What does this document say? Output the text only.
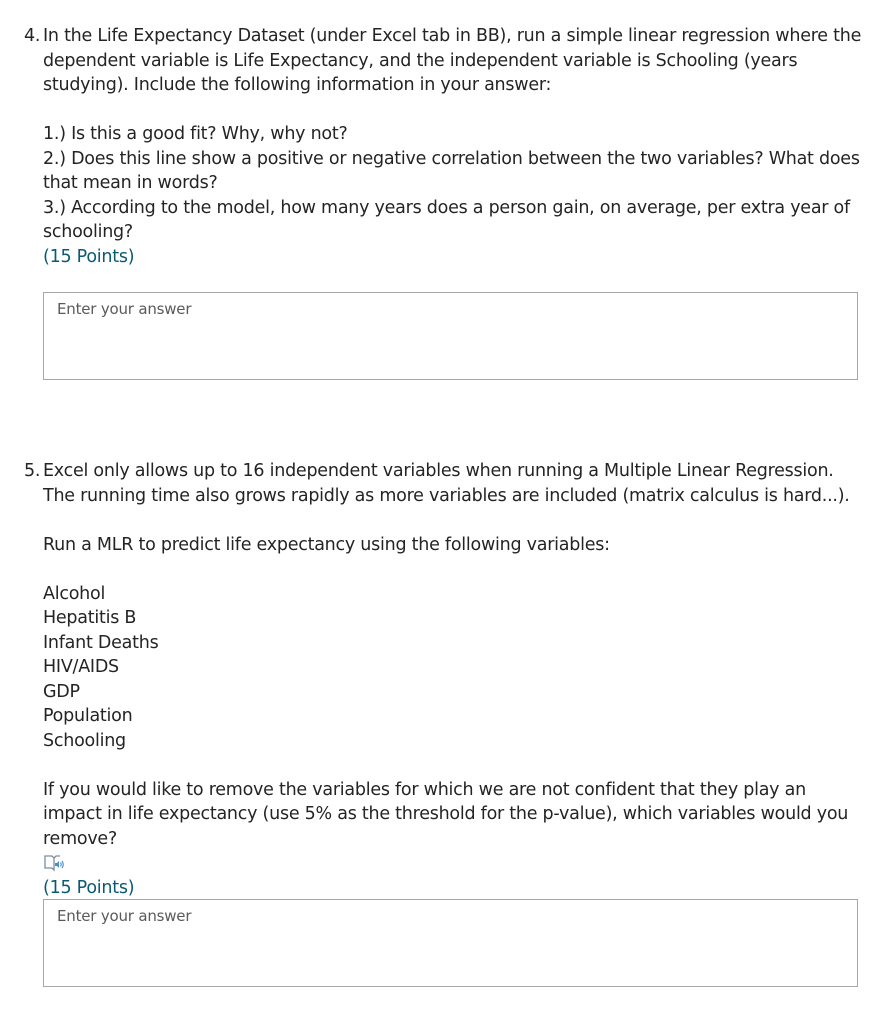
4. In the Life Expectancy Dataset (under Excel tab in BB), run a simple linear regression where the dependent variable is Life Expectancy, and the independent variable is Schooling (years studying). Include the following information in your answer:

1.) Is this a good fit? Why, why not?

2.) Does this line show a positive or negative correlation between the two variables? What does that mean in words?

3.) According to the model, how many years does a person gain, on average, per extra year of schooling?

(15 Points)

Enter your answer
5. Excel only allows up to 16 independent variables when running a Multiple Linear Regression. The running time also grows rapidly as more variables are included (matrix calculus is hard...).

Run a MLR to predict life expectancy using the following variables:

Alcohol

Hepatitis B

Infant Deaths

HIV/AIDS

GDP

Population

Schooling

If you would like to remove the variables for which we are not confident that they play an impact in life expectancy (use 5% as the threshold for the p-value), which variables would you remove?

(15 Points)

Enter your answer
